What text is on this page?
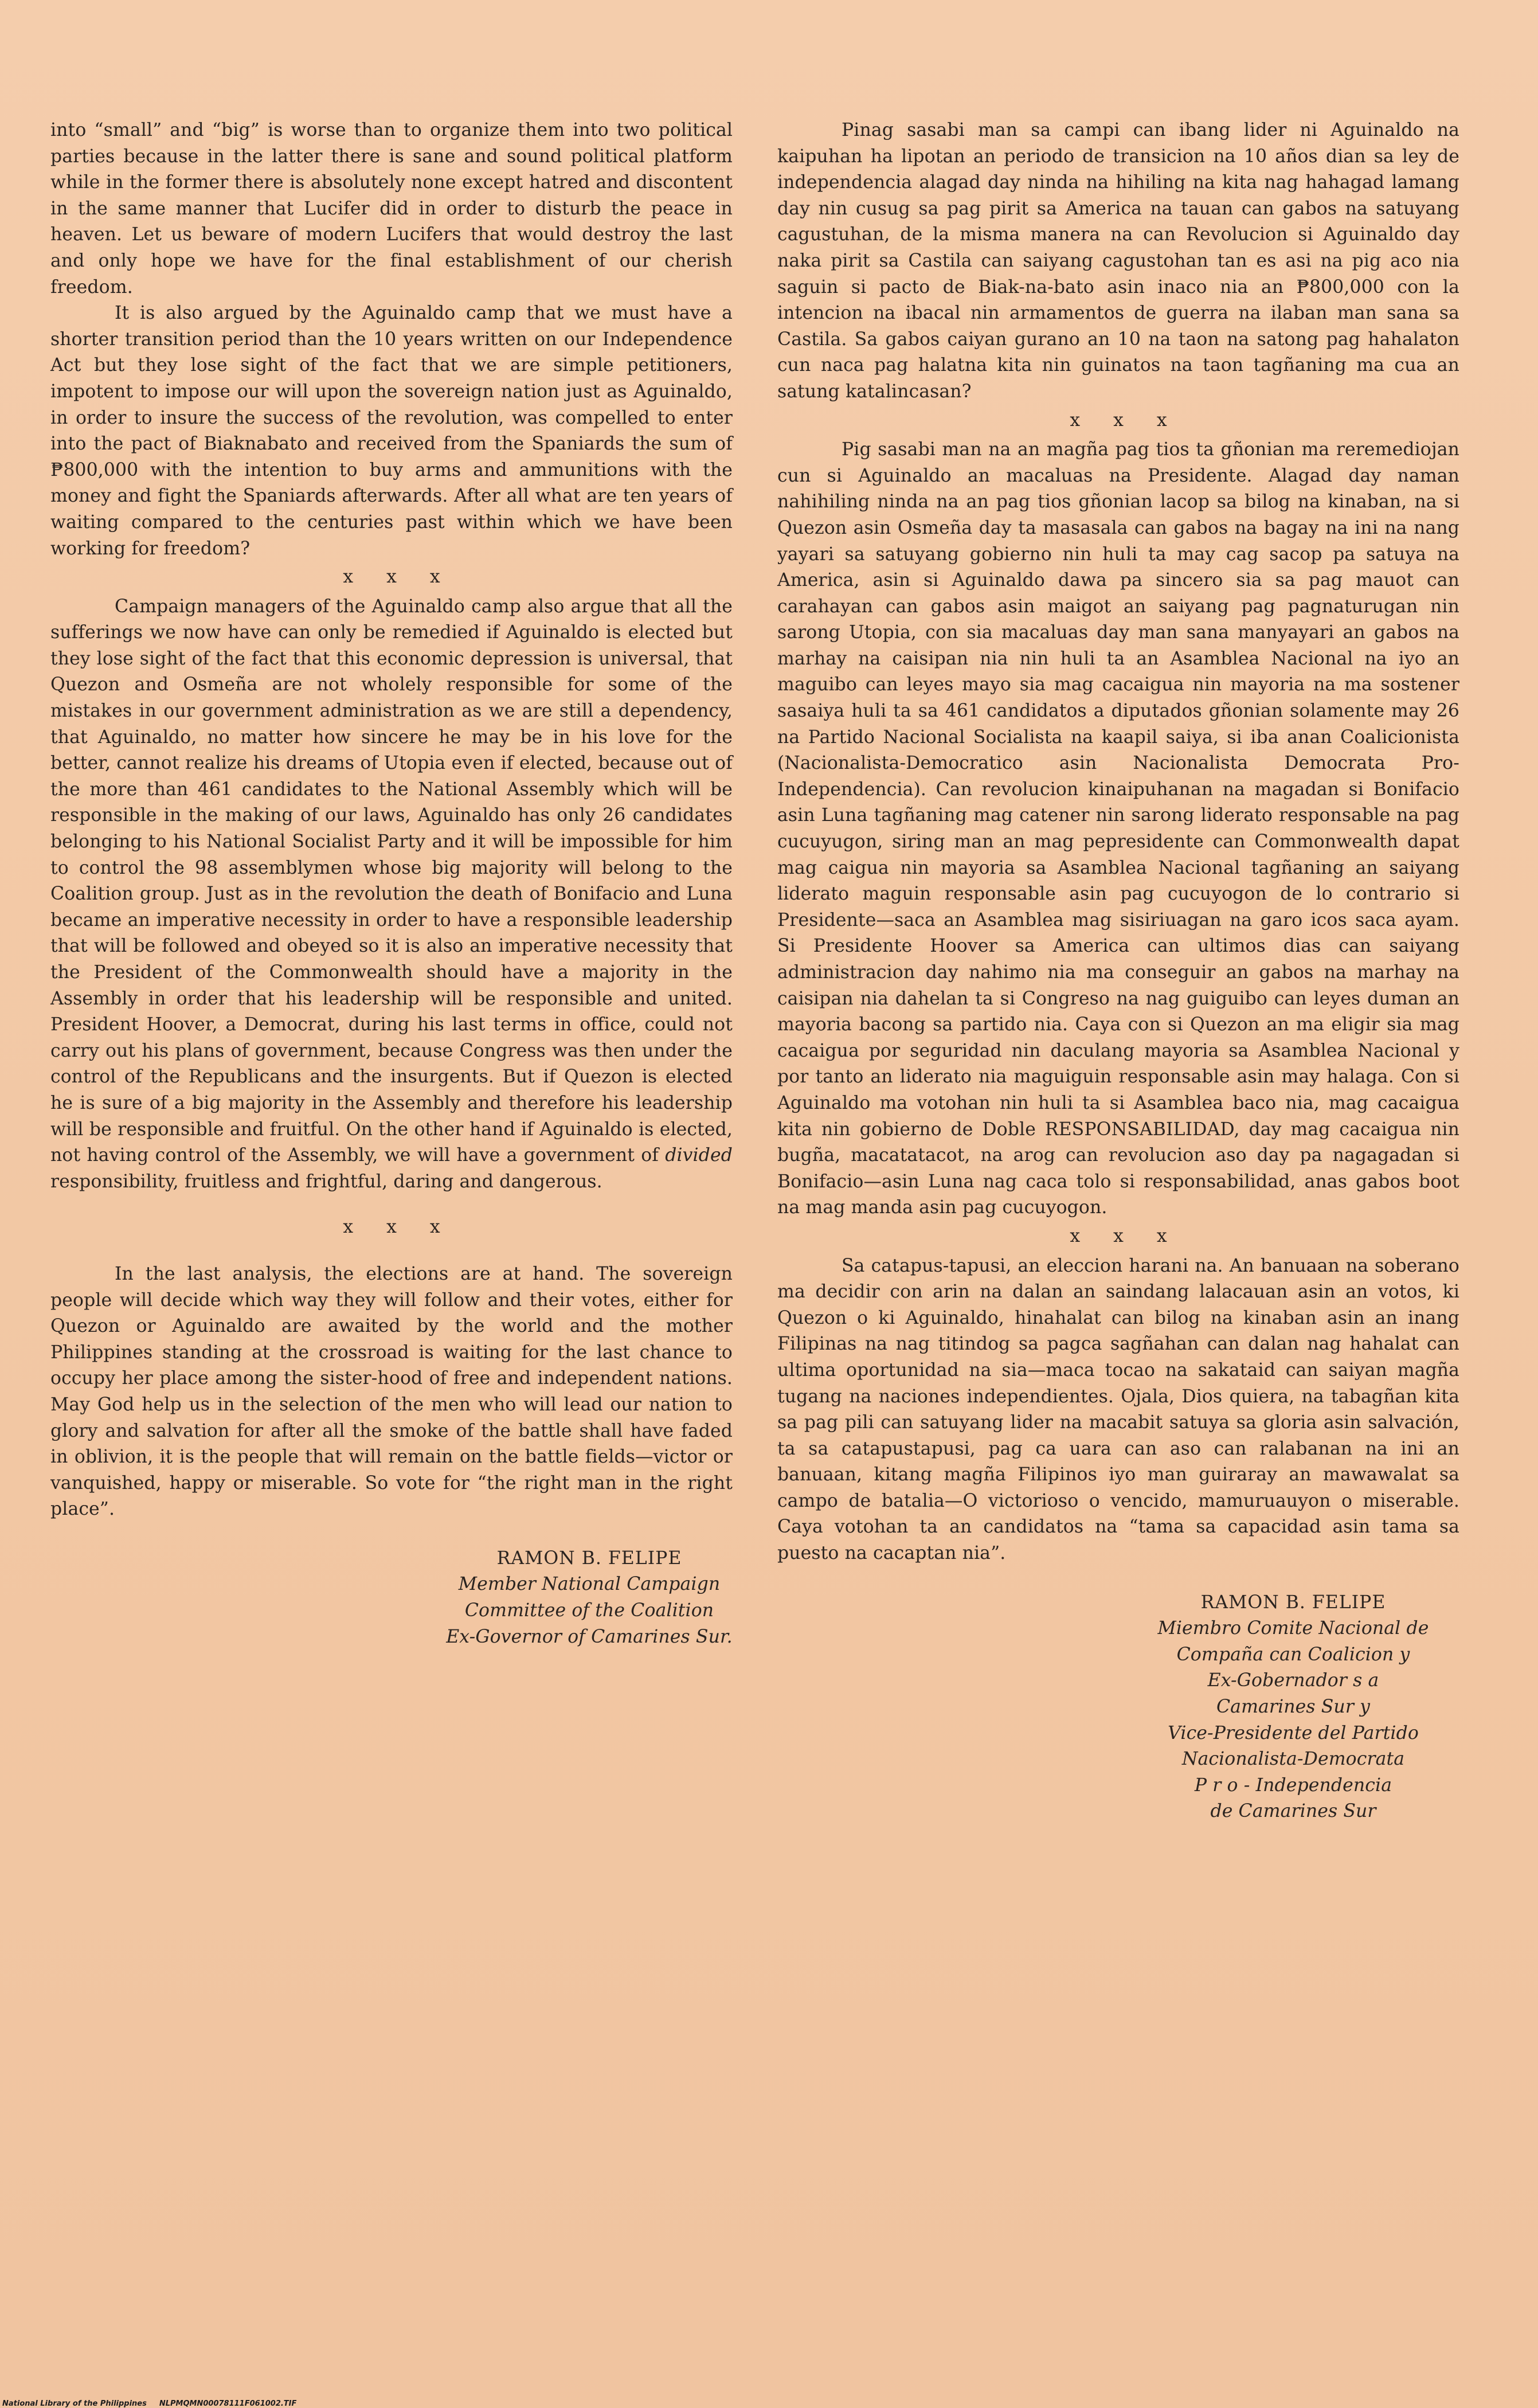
into “small” and “big” is worse than to organize them into two political parties because in the latter there is sane and sound political platform while in the former there is absolutely none except hatred and discontent in the same manner that Lucifer did in order to disturb the peace in heaven. Let us beware of modern Lucifers that would destroy the last and only hope we have for the final establishment of our cherish freedom.

It is also argued by the Aguinaldo camp that we must have a shorter transition period than the 10 years written on our Independence Act but they lose sight of the fact that we are simple petitioners, impotent to impose our will upon the sovereign nation just as Aguinaldo, in order to insure the success of the revolution, was compelled to enter into the pact of Biaknabato and received from the Spaniards the sum of ₱800,000 with the intention to buy arms and ammunitions with the money and fight the Spaniards afterwards. After all what are ten years of waiting compared to the centuries past within which we have been working for freedom?

x x x

Campaign managers of the Aguinaldo camp also argue that all the sufferings we now have can only be remedied if Aguinaldo is elected but they lose sight of the fact that this economic depression is universal, that Quezon and Osmeña are not wholely responsible for some of the mistakes in our government administration as we are still a dependency, that Aguinaldo, no matter how sincere he may be in his love for the better, cannot realize his dreams of Utopia even if elected, because out of the more than 461 candidates to the National Assembly which will be responsible in the making of our laws, Aguinaldo has only 26 candidates belonging to his National Socialist Party and it will be impossible for him to control the 98 assemblymen whose big majority will belong to the Coalition group. Just as in the revolution the death of Bonifacio and Luna became an imperative necessity in order to have a responsible leadership that will be followed and obeyed so it is also an imperative necessity that the President of the Commonwealth should have a majority in the Assembly in order that his leadership will be responsible and united. President Hoover, a Democrat, during his last terms in office, could not carry out his plans of government, because Congress was then under the control of the Republicans and the insurgents. But if Quezon is elected he is sure of a big majority in the Assembly and therefore his leadership will be responsible and fruitful. On the other hand if Aguinaldo is elected, not having control of the Assembly, we will have a government of divided responsibility, fruitless and frightful, daring and dangerous.

x x x

In the last analysis, the elections are at hand. The sovereign people will decide which way they will follow and their votes, either for Quezon or Aguinaldo are awaited by the world and the mother Philippines standing at the crossroad is waiting for the last chance to occupy her place among the sister-hood of free and independent nations. May God help us in the selection of the men who will lead our nation to glory and salvation for after all the smoke of the battle shall have faded in oblivion, it is the people that will remain on the battle fields—victor or vanquished, happy or miserable. So vote for “the right man in the right place”.

RAMON B. FELIPE
Member National Campaign
Committee of the Coalition
Ex-Governor of Camarines Sur.

Pinag sasabi man sa campi can ibang lider ni Aguinaldo na kaipuhan ha lipotan an periodo de transicion na 10 años dian sa ley de independencia alagad day ninda na hihiling na kita nag hahagad lamang day nin cusug sa pag pirit sa America na tauan can gabos na satuyang cagustuhan, de la misma manera na can Revolucion si Aguinaldo day naka pirit sa Castila can saiyang cagustohan tan es asi na pig aco nia saguin si pacto de Biak-na-bato asin inaco nia an ₱800,000 con la intencion na ibacal nin armamentos de guerra na ilaban man sana sa Castila. Sa gabos caiyan gurano an 10 na taon na satong pag hahalaton cun naca pag halatna kita nin guinatos na taon tagñaning ma cua an satung katalincasan?

x x x

Pig sasabi man na an magña pag tios ta gñonian ma reremediojan cun si Aguinaldo an macaluas na Presidente. Alagad day naman nahihiling ninda na an pag tios gñonian lacop sa bilog na kinaban, na si Quezon asin Osmeña day ta masasala can gabos na bagay na ini na nang yayari sa satuyang gobierno nin huli ta may cag sacop pa satuya na America, asin si Aguinaldo dawa pa sincero sia sa pag mauot can carahayan can gabos asin maigot an saiyang pag pagnaturugan nin sarong Utopia, con sia macaluas day man sana manyayari an gabos na marhay na caisipan nia nin huli ta an Asamblea Nacional na iyo an maguibo can leyes mayo sia mag cacaigua nin mayoria na ma sostener sasaiya huli ta sa 461 candidatos a diputados gñonian solamente may 26 na Partido Nacional Socialista na kaapil saiya, si iba anan Coalicionista (Nacionalista-Democratico asin Nacionalista Democrata Pro-Independencia). Can revolucion kinaipuhanan na magadan si Bonifacio asin Luna tagñaning mag catener nin sarong liderato responsable na pag cucuyugon, siring man an mag pepresidente can Commonwealth dapat mag caigua nin mayoria sa Asamblea Nacional tagñaning an saiyang liderato maguin responsable asin pag cucuyogon de lo contrario si Presidente—saca an Asamblea mag sisiriuagan na garo icos saca ayam. Si Presidente Hoover sa America can ultimos dias can saiyang administracion day nahimo nia ma conseguir an gabos na marhay na caisipan nia dahelan ta si Congreso na nag guiguibo can leyes duman an mayoria bacong sa partido nia. Caya con si Quezon an ma eligir sia mag cacaigua por seguridad nin daculang mayoria sa Asamblea Nacional y por tanto an liderato nia maguiguin responsable asin may halaga. Con si Aguinaldo ma votohan nin huli ta si Asamblea baco nia, mag cacaigua kita nin gobierno de Doble RESPONSABILIDAD, day mag cacaigua nin bugña, macatatacot, na arog can revolucion aso day pa nagagadan si Bonifacio—asin Luna nag caca tolo si responsabilidad, anas gabos boot na mag manda asin pag cucuyogon.

x x x

Sa catapus-tapusi, an eleccion harani na. An banuaan na soberano ma decidir con arin na dalan an saindang lalacauan asin an votos, ki Quezon o ki Aguinaldo, hinahalat can bilog na kinaban asin an inang Filipinas na nag titindog sa pagca sagñahan can dalan nag hahalat can ultima oportunidad na sia—maca tocao na sakataid can saiyan magña tugang na naciones independientes. Ojala, Dios quiera, na tabagñan kita sa pag pili can satuyang lider na macabit satuya sa gloria asin salvación, ta sa catapustapusi, pag ca uara can aso can ralabanan na ini an banuaan, kitang magña Filipinos iyo man guiraray an mawawalat sa campo de batalia—O victorioso o vencido, mamuruauyon o miserable. Caya votohan ta an candidatos na “tama sa capacidad asin tama sa puesto na cacaptan nia”.

RAMON B. FELIPE
Miembro Comite Nacional de
Compaña can Coalicion y
Ex-Gobernador s a
Camarines Sur y
Vice-Presidente del Partido
Nacionalista-Democrata
P r o - Independencia
de Camarines Sur
National Library of the Philippines NLPMQMN00078111F061002.TIF
